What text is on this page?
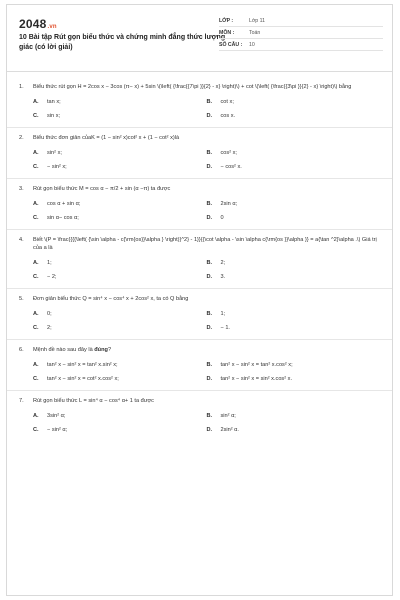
2048.vn
10 Bài tập Rút gọn biểu thức và chứng minh đẳng thức lượng giác (có lời giải)
LỚP :	Lớp 11
MÔN :	Toán
SỐ CÂU :	10
1.	Biểu thức rút gọn H = 2cos x − 3cos (π− x) + 5sin \(\left( {\frac{{7\pi }}{2} - x} \right)\) + cot \(\left( {\frac{{3\pi }}{2} - x} \right)\) bằng
A.	tan x;	B.	cot x;
C.	sin x;	D.	cos x.
2.	Biểu thức đơn giản củaK = (1 − sin² x)cot² x + (1 − cot² x)là
A.	sin² x;	B.	cos² x;
C.	− sin² x;	D.	− cos² x.
3.	Rút gọn biểu thức M = cos α − π/2 + sin (α −π) ta được
A.	cos α + sin α;	B.	2sin α;
C.	sin α− cos α;	D.	0
4.	Biết \(P = \frac{{{{\left( {\sin \alpha - c{\rm{os}}\alpha } \right)}^2} - 1}}{{\cot \alpha - \sin \alpha c{\rm{os }}\alpha }} = a{\tan ^2}\alpha .\) Giá trị của a là
A.	1;	B.	2;
C.	− 2;	D.	3.
5.	Đơn giản biểu thức Q = sin⁴ x − cos⁴ x + 2cos² x, ta có Q bằng
A.	0;	B.	1;
C.	2;	D.	− 1.
6.	Mệnh đề nào sau đây là đúng?
A.	tan² x − sin² x = tan² x.sin² x;	B.	tan² x − sin² x = tan² x.cos² x;
C.	tan² x − sin² x = cot² x.cos² x;	D.	tan² x − sin² x = sin² x.cos² x.
7.	Rút gọn biểu thức L = sin⁴ α − cos⁴ α+ 1 ta được
A.	3sin² α;	B.	sin² α;
C.	− sin² α;	D.	2sin² α.
